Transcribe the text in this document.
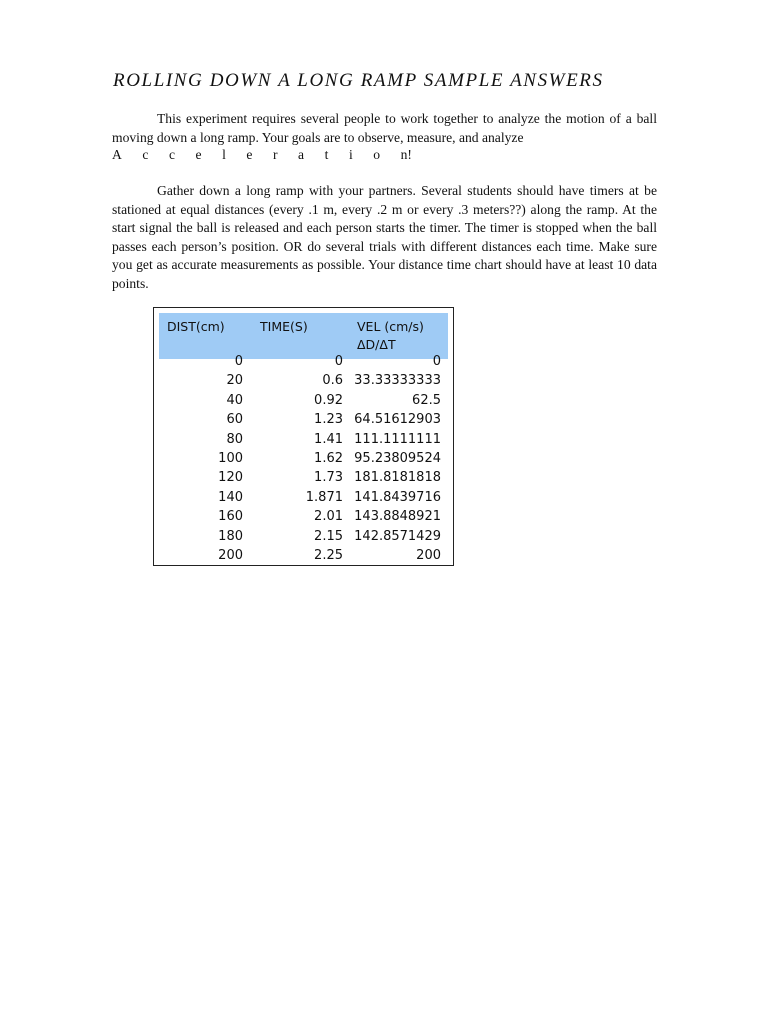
ROLLING DOWN A LONG RAMP SAMPLE ANSWERS
This experiment requires several people to work together to analyze the motion of a ball moving down a long ramp. Your goals are to observe, measure, and analyze
A c c e l e r a t i o n!
Gather down a long ramp with your partners. Several students should have timers at be stationed at equal distances (every .1 m, every .2 m or every .3 meters??) along the ramp. At the start signal the ball is released and each person starts the timer. The timer is stopped when the ball passes each person’s position. OR do several trials with different distances each time. Make sure you get as accurate measurements as possible. Your distance time chart should have at least 10 data points.
DIST(cm)	TIME(S)	VEL (cm/s)
ΔD/ΔT
0	0	0
20	0.6 33.33333333
40	0.92	62.5
60	1.23 64.51612903
80	1.41 111.1111111
100	1.62 95.23809524
120	1.73 181.8181818
140	1.871 141.8439716
160	2.01 143.8848921
180	2.15 142.8571429
200	2.25	200
